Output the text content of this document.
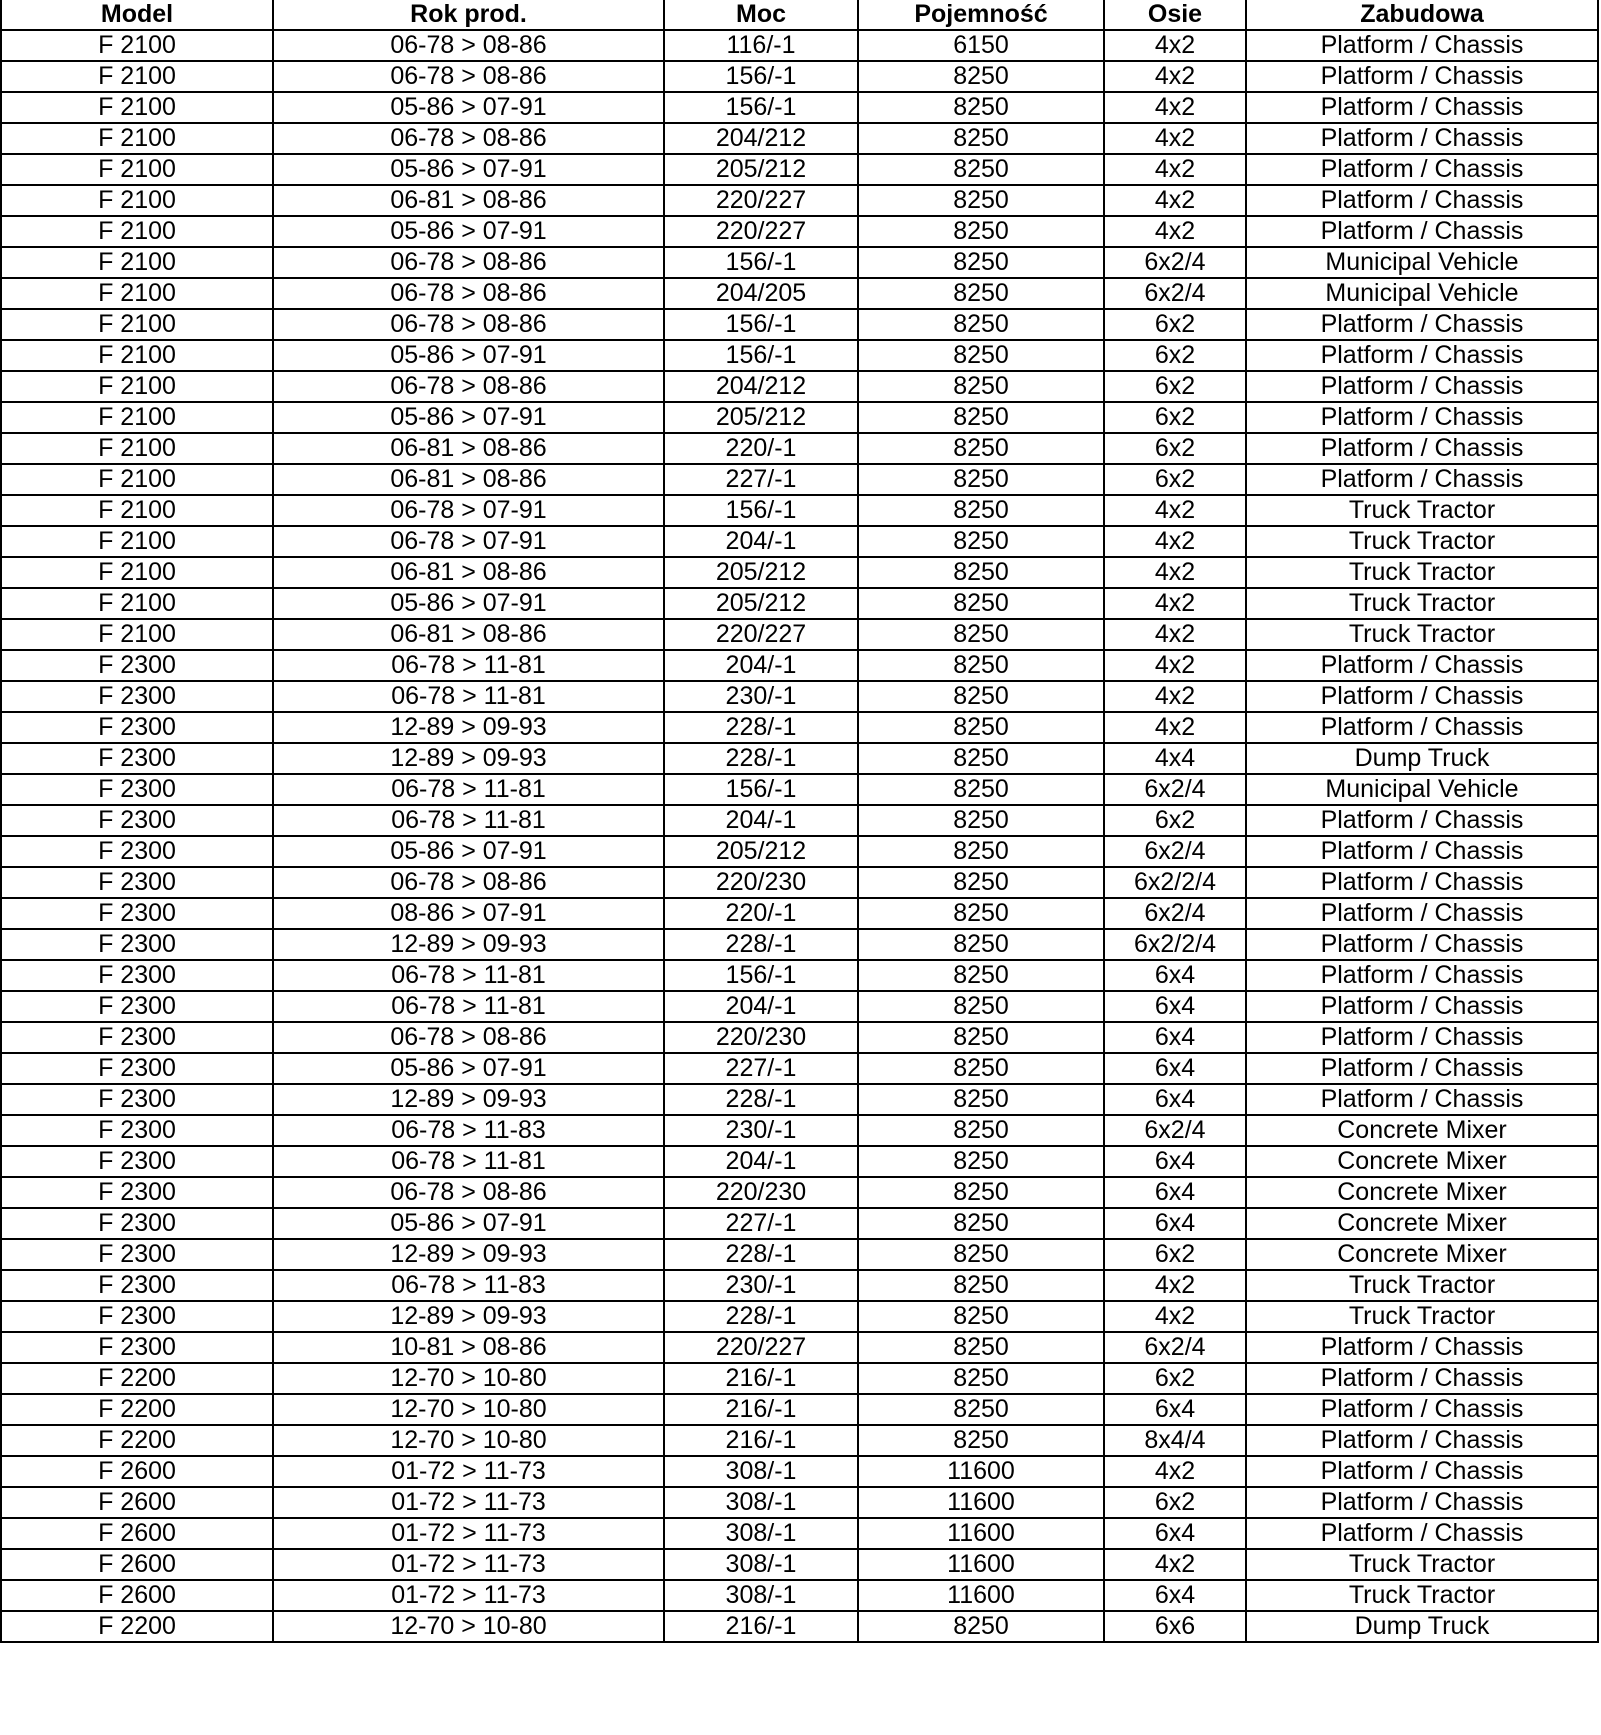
Model	Rok prod.	Moc	Pojemność	Osie	Zabudowa
F 2100	06-78 > 08-86	116/-1	6150	4x2	Platform / Chassis
F 2100	06-78 > 08-86	156/-1	8250	4x2	Platform / Chassis
F 2100	05-86 > 07-91	156/-1	8250	4x2	Platform / Chassis
F 2100	06-78 > 08-86	204/212	8250	4x2	Platform / Chassis
F 2100	05-86 > 07-91	205/212	8250	4x2	Platform / Chassis
F 2100	06-81 > 08-86	220/227	8250	4x2	Platform / Chassis
F 2100	05-86 > 07-91	220/227	8250	4x2	Platform / Chassis
F 2100	06-78 > 08-86	156/-1	8250	6x2/4	Municipal Vehicle
F 2100	06-78 > 08-86	204/205	8250	6x2/4	Municipal Vehicle
F 2100	06-78 > 08-86	156/-1	8250	6x2	Platform / Chassis
F 2100	05-86 > 07-91	156/-1	8250	6x2	Platform / Chassis
F 2100	06-78 > 08-86	204/212	8250	6x2	Platform / Chassis
F 2100	05-86 > 07-91	205/212	8250	6x2	Platform / Chassis
F 2100	06-81 > 08-86	220/-1	8250	6x2	Platform / Chassis
F 2100	06-81 > 08-86	227/-1	8250	6x2	Platform / Chassis
F 2100	06-78 > 07-91	156/-1	8250	4x2	Truck Tractor
F 2100	06-78 > 07-91	204/-1	8250	4x2	Truck Tractor
F 2100	06-81 > 08-86	205/212	8250	4x2	Truck Tractor
F 2100	05-86 > 07-91	205/212	8250	4x2	Truck Tractor
F 2100	06-81 > 08-86	220/227	8250	4x2	Truck Tractor
F 2300	06-78 > 11-81	204/-1	8250	4x2	Platform / Chassis
F 2300	06-78 > 11-81	230/-1	8250	4x2	Platform / Chassis
F 2300	12-89 > 09-93	228/-1	8250	4x2	Platform / Chassis
F 2300	12-89 > 09-93	228/-1	8250	4x4	Dump Truck
F 2300	06-78 > 11-81	156/-1	8250	6x2/4	Municipal Vehicle
F 2300	06-78 > 11-81	204/-1	8250	6x2	Platform / Chassis
F 2300	05-86 > 07-91	205/212	8250	6x2/4	Platform / Chassis
F 2300	06-78 > 08-86	220/230	8250	6x2/2/4	Platform / Chassis
F 2300	08-86 > 07-91	220/-1	8250	6x2/4	Platform / Chassis
F 2300	12-89 > 09-93	228/-1	8250	6x2/2/4	Platform / Chassis
F 2300	06-78 > 11-81	156/-1	8250	6x4	Platform / Chassis
F 2300	06-78 > 11-81	204/-1	8250	6x4	Platform / Chassis
F 2300	06-78 > 08-86	220/230	8250	6x4	Platform / Chassis
F 2300	05-86 > 07-91	227/-1	8250	6x4	Platform / Chassis
F 2300	12-89 > 09-93	228/-1	8250	6x4	Platform / Chassis
F 2300	06-78 > 11-83	230/-1	8250	6x2/4	Concrete Mixer
F 2300	06-78 > 11-81	204/-1	8250	6x4	Concrete Mixer
F 2300	06-78 > 08-86	220/230	8250	6x4	Concrete Mixer
F 2300	05-86 > 07-91	227/-1	8250	6x4	Concrete Mixer
F 2300	12-89 > 09-93	228/-1	8250	6x2	Concrete Mixer
F 2300	06-78 > 11-83	230/-1	8250	4x2	Truck Tractor
F 2300	12-89 > 09-93	228/-1	8250	4x2	Truck Tractor
F 2300	10-81 > 08-86	220/227	8250	6x2/4	Platform / Chassis
F 2200	12-70 > 10-80	216/-1	8250	6x2	Platform / Chassis
F 2200	12-70 > 10-80	216/-1	8250	6x4	Platform / Chassis
F 2200	12-70 > 10-80	216/-1	8250	8x4/4	Platform / Chassis
F 2600	01-72 > 11-73	308/-1	11600	4x2	Platform / Chassis
F 2600	01-72 > 11-73	308/-1	11600	6x2	Platform / Chassis
F 2600	01-72 > 11-73	308/-1	11600	6x4	Platform / Chassis
F 2600	01-72 > 11-73	308/-1	11600	4x2	Truck Tractor
F 2600	01-72 > 11-73	308/-1	11600	6x4	Truck Tractor
F 2200	12-70 > 10-80	216/-1	8250	6x6	Dump Truck
